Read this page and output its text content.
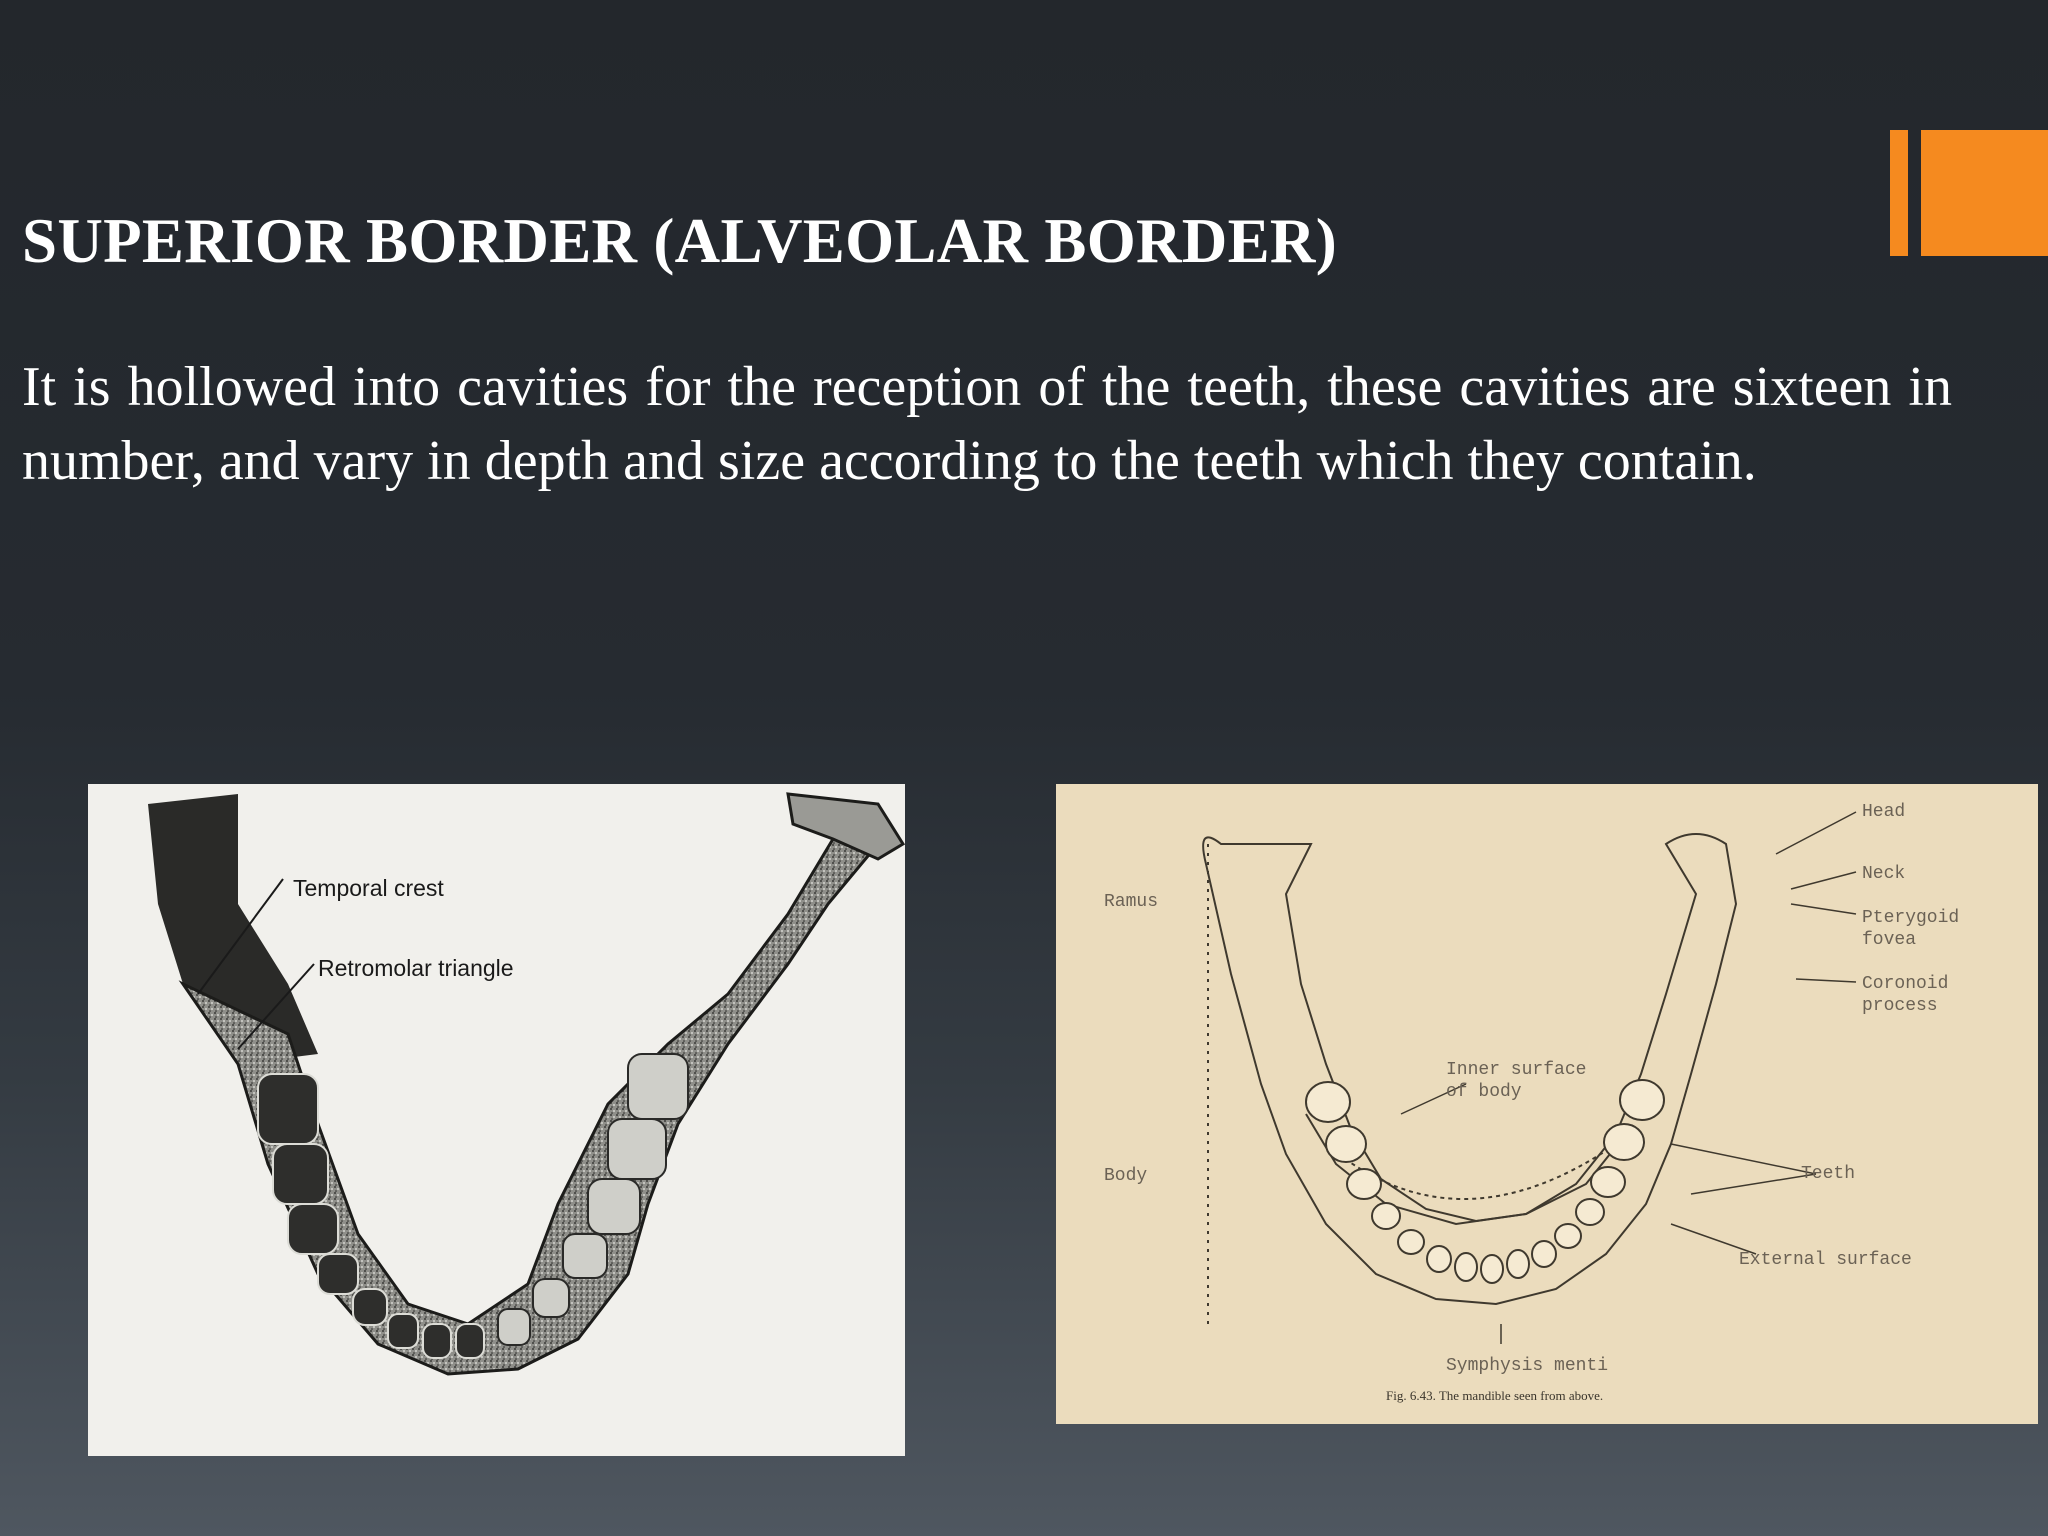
SUPERIOR BORDER (ALVEOLAR BORDER)

It is hollowed into cavities for the reception of the teeth, these cavities are sixteen in number, and vary in depth and size according to the teeth which they contain.

Temporal crest
Retromolar triangle
Head
Neck
Pterygoid
fovea
Coronoid
process
Ramus
Body
Inner surface
of body
Teeth
External surface
Symphysis menti
Fig. 6.43. The mandible seen from above.
